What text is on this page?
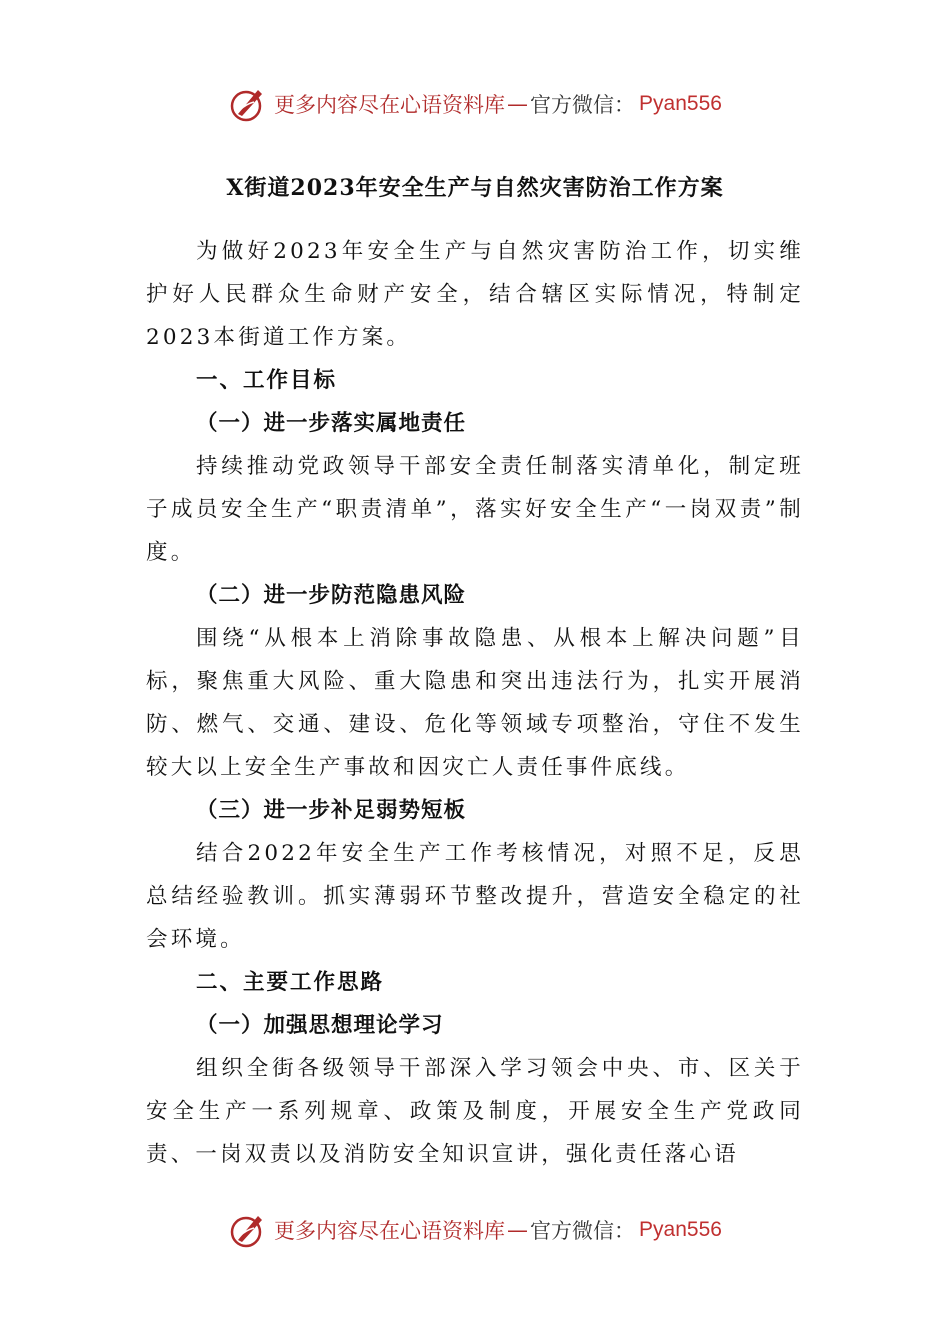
更多内容尽在心语资料库 — 官方微信： Pyan556
X街道2023年安全生产与自然灾害防治工作方案

为做好2023年安全生产与自然灾害防治工作，切实维护好人民群众生命财产安全，结合辖区实际情况，特制定2023本街道工作方案。

一、工作目标

（一）进一步落实属地责任

持续推动党政领导干部安全责任制落实清单化，制定班子成员安全生产“职责清单”，落实好安全生产“一岗双责”制度。

（二）进一步防范隐患风险

围绕“从根本上消除事故隐患、从根本上解决问题”目标，聚焦重大风险、重大隐患和突出违法行为，扎实开展消防、燃气、交通、建设、危化等领域专项整治，守住不发生较大以上安全生产事故和因灾亡人责任事件底线。

（三）进一步补足弱势短板

结合2022年安全生产工作考核情况，对照不足，反思总结经验教训。抓实薄弱环节整改提升，营造安全稳定的社会环境。

二、主要工作思路

（一）加强思想理论学习

组织全街各级领导干部深入学习领会中央、市、区关于安全生产一系列规章、政策及制度，开展安全生产党政同责、一岗双责以及消防安全知识宣讲，强化责任落心语

更多内容尽在心语资料库 — 官方微信： Pyan556
